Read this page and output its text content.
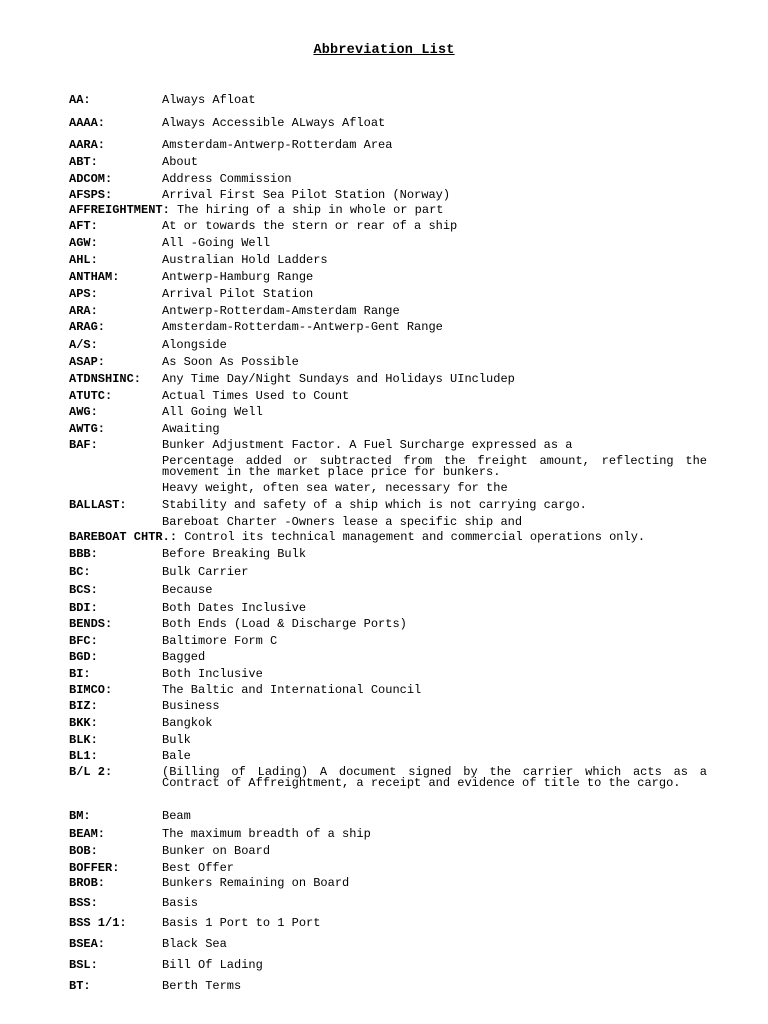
Abbreviation List
AA:	Always Afloat
AAAA:	Always Accessible ALways Afloat
AARA:	Amsterdam-Antwerp-Rotterdam Area
ABT:	About
ADCOM:	Address Commission
AFSPS:	Arrival First Sea Pilot Station (Norway)
AFFREIGHTMENT: The hiring of a ship in whole or part
AFT:	At or towards the stern or rear of a ship
AGW:	All -Going Well
AHL:	Australian Hold Ladders
ANTHAM:	Antwerp-Hamburg Range
APS:	Arrival Pilot Station
ARA:	Antwerp-Rotterdam-Amsterdam Range
ARAG:	Amsterdam-Rotterdam--Antwerp-Gent Range
A/S:	Alongside
ASAP:	As Soon As Possible
ATDNSHINC: Any Time Day/Night Sundays and Holidays UIncludep
ATUTC:	Actual Times Used to Count
AWG:	All Going Well
AWTG:	Awaiting
BAF:	Bunker Adjustment Factor. A Fuel Surcharge expressed as a
Percentage added or subtracted from the freight amount, reflecting the movement in the market place price for bunkers.
Heavy weight, often sea water, necessary for the
BALLAST:	Stability and safety of a ship which is not carrying cargo.
Bareboat Charter -Owners lease a specific ship and
BAREBOAT CHTR.: Control its technical management and commercial operations only.
BBB:	Before Breaking Bulk
BC:	Bulk Carrier
BCS:	Because
BDI:	Both Dates Inclusive
BENDS:	Both Ends (Load & Discharge Ports)
BFC:	Baltimore Form C
BGD:	Bagged
BI:	Both Inclusive
BIMCO:	The Baltic and International Council
BIZ:	Business
BKK:	Bangkok
BLK:	Bulk
BL1:	Bale
B/L 2:	(Billing of Lading) A document signed by the carrier which acts as a Contract of Affreightment, a receipt and evidence of title to the cargo.
BM:	Beam
BEAM:	The maximum breadth of a ship
BOB:	Bunker on Board
BOFFER:	Best Offer
BROB:	Bunkers Remaining on Board
BSS:	Basis
BSS 1/1:	Basis 1 Port to 1 Port
BSEA:	Black Sea
BSL:	Bill Of Lading
BT:	Berth Terms
